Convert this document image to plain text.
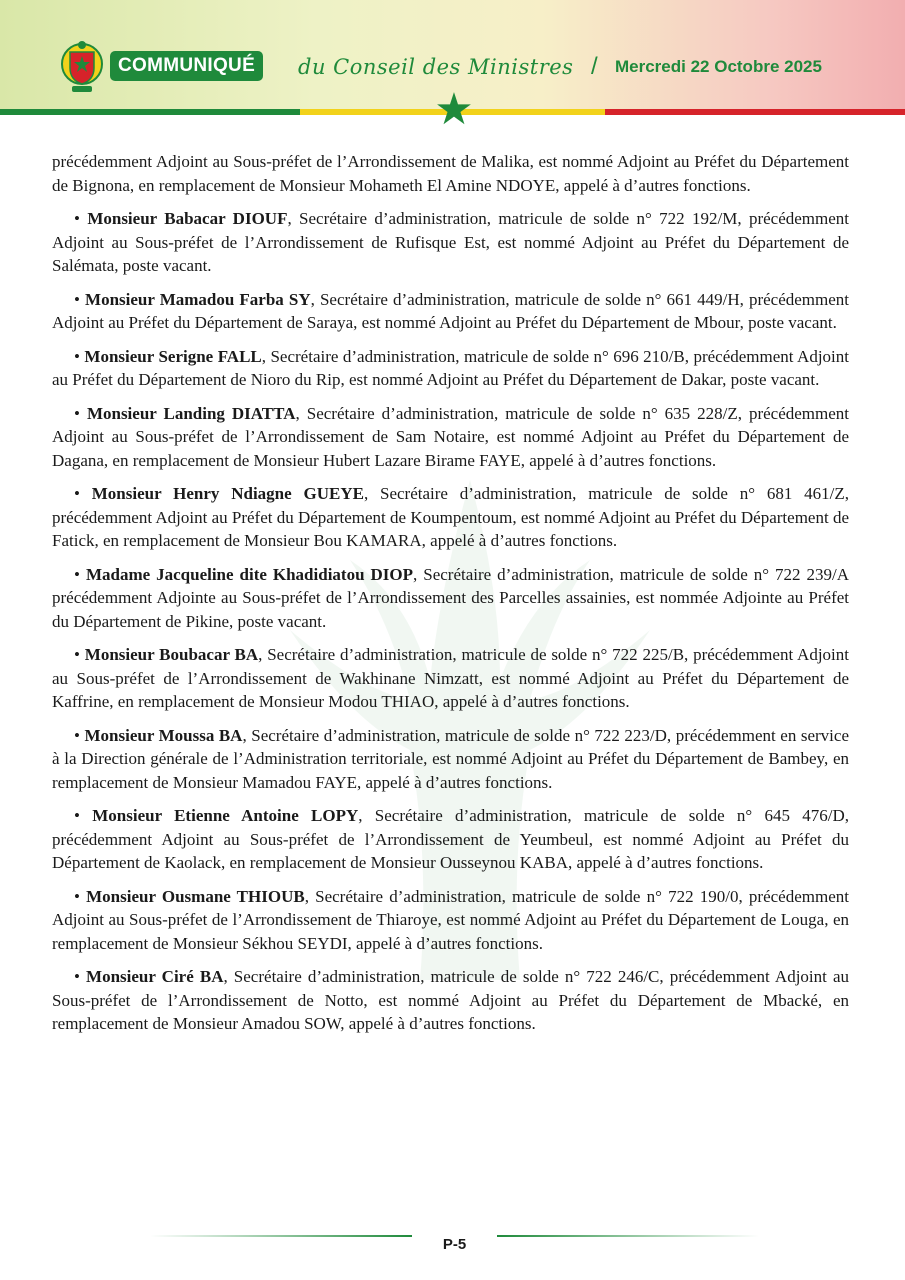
COMMUNIQUÉ	du Conseil des Ministres / Mercredi 22 Octobre 2025
★

précédemment Adjoint au Sous-préfet de l’Arrondissement de Malika, est nommé Adjoint au Préfet du Département de Bignona, en remplacement de Monsieur Mohameth El Amine NDOYE, appelé à d’autres fonctions.

• Monsieur Babacar DIOUF, Secrétaire d’administration, matricule de solde n° 722 192/M, précédemment Adjoint au Sous-préfet de l’Arrondissement de Rufisque Est, est nommé Adjoint au Préfet du Département de Salémata, poste vacant.

• Monsieur Mamadou Farba SY, Secrétaire d’administration, matricule de solde n° 661 449/H, précédemment Adjoint au Préfet du Département de Saraya, est nommé Adjoint au Préfet du Département de Mbour, poste vacant.

• Monsieur Serigne FALL, Secrétaire d’administration, matricule de solde n° 696 210/B, précédemment Adjoint au Préfet du Département de Nioro du Rip, est nommé Adjoint au Préfet du Département de Dakar, poste vacant.

• Monsieur Landing DIATTA, Secrétaire d’administration, matricule de solde n° 635 228/Z, précédemment Adjoint au Sous-préfet de l’Arrondissement de Sam Notaire, est nommé Adjoint au Préfet du Département de Dagana, en remplacement de Monsieur Hubert Lazare Birame FAYE, appelé à d’autres fonctions.

• Monsieur Henry Ndiagne GUEYE, Secrétaire d’administration, matricule de solde n° 681 461/Z, précédemment Adjoint au Préfet du Département de Koumpentoum, est nommé Adjoint au Préfet du Département de Fatick, en remplacement de Monsieur Bou KAMARA, appelé à d’autres fonctions.

• Madame Jacqueline dite Khadidiatou DIOP, Secrétaire d’administration, matricule de solde n° 722 239/A précédemment Adjointe au Sous-préfet de l’Arrondissement des Parcelles assainies, est nommée Adjointe au Préfet du Département de Pikine, poste vacant.

• Monsieur Boubacar BA, Secrétaire d’administration, matricule de solde n° 722 225/B, précédemment Adjoint au Sous-préfet de l’Arrondissement de Wakhinane Nimzatt, est nommé Adjoint au Préfet du Département de Kaffrine, en remplacement de Monsieur Modou THIAO, appelé à d’autres fonctions.

• Monsieur Moussa BA, Secrétaire d’administration, matricule de solde n° 722 223/D, précédemment en service à la Direction générale de l’Administration territoriale, est nommé Adjoint au Préfet du Département de Bambey, en remplacement de Monsieur Mamadou FAYE, appelé à d’autres fonctions.

• Monsieur Etienne Antoine LOPY, Secrétaire d’administration, matricule de solde n° 645 476/D, précédemment Adjoint au Sous-préfet de l’Arrondissement de Yeumbeul, est nommé Adjoint au Préfet du Département de Kaolack, en remplacement de Monsieur Ousseynou KABA, appelé à d’autres fonctions.

• Monsieur Ousmane THIOUB, Secrétaire d’administration, matricule de solde n° 722 190/0, précédemment Adjoint au Sous-préfet de l’Arrondissement de Thiaroye, est nommé Adjoint au Préfet du Département de Louga, en remplacement de Monsieur Sékhou SEYDI, appelé à d’autres fonctions.

• Monsieur Ciré BA, Secrétaire d’administration, matricule de solde n° 722 246/C, précédemment Adjoint au Sous-préfet de l’Arrondissement de Notto, est nommé Adjoint au Préfet du Département de Mbacké, en remplacement de Monsieur Amadou SOW, appelé à d’autres fonctions.

P-5
